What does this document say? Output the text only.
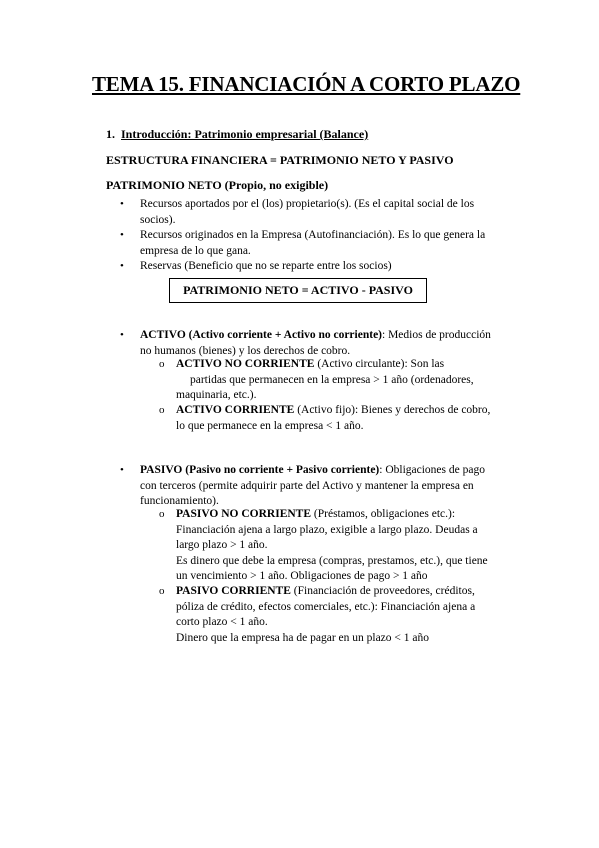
TEMA 15. FINANCIACIÓN A CORTO PLAZO
1. Introducción: Patrimonio empresarial (Balance)
ESTRUCTURA FINANCIERA = PATRIMONIO NETO Y PASIVO
PATRIMONIO NETO (Propio, no exigible)
• Recursos aportados por el (los) propietario(s). (Es el capital social de los
socios).
• Recursos originados en la Empresa (Autofinanciación). Es lo que genera la
empresa de lo que gana.
• Reservas (Beneficio que no se reparte entre los socios)
PATRIMONIO NETO = ACTIVO - PASIVO
• ACTIVO (Activo corriente + Activo no corriente): Medios de producción
no humanos (bienes) y los derechos de cobro.
o ACTIVO NO CORRIENTE (Activo circulante): Son las
partidas que permanecen en la empresa > 1 año (ordenadores,
maquinaria, etc.).
o ACTIVO CORRIENTE (Activo fijo): Bienes y derechos de cobro,
lo que permanece en la empresa < 1 año.
• PASIVO (Pasivo no corriente + Pasivo corriente): Obligaciones de pago
con terceros (permite adquirir parte del Activo y mantener la empresa en
funcionamiento).
o PASIVO NO CORRIENTE (Préstamos, obligaciones etc.):
Financiación ajena a largo plazo, exigible a largo plazo. Deudas a
largo plazo > 1 año.
Es dinero que debe la empresa (compras, prestamos, etc.), que tiene
un vencimiento > 1 año. Obligaciones de pago > 1 año
o PASIVO CORRIENTE (Financiación de proveedores, créditos,
póliza de crédito, efectos comerciales, etc.): Financiación ajena a
corto plazo < 1 año.
Dinero que la empresa ha de pagar en un plazo < 1 año
